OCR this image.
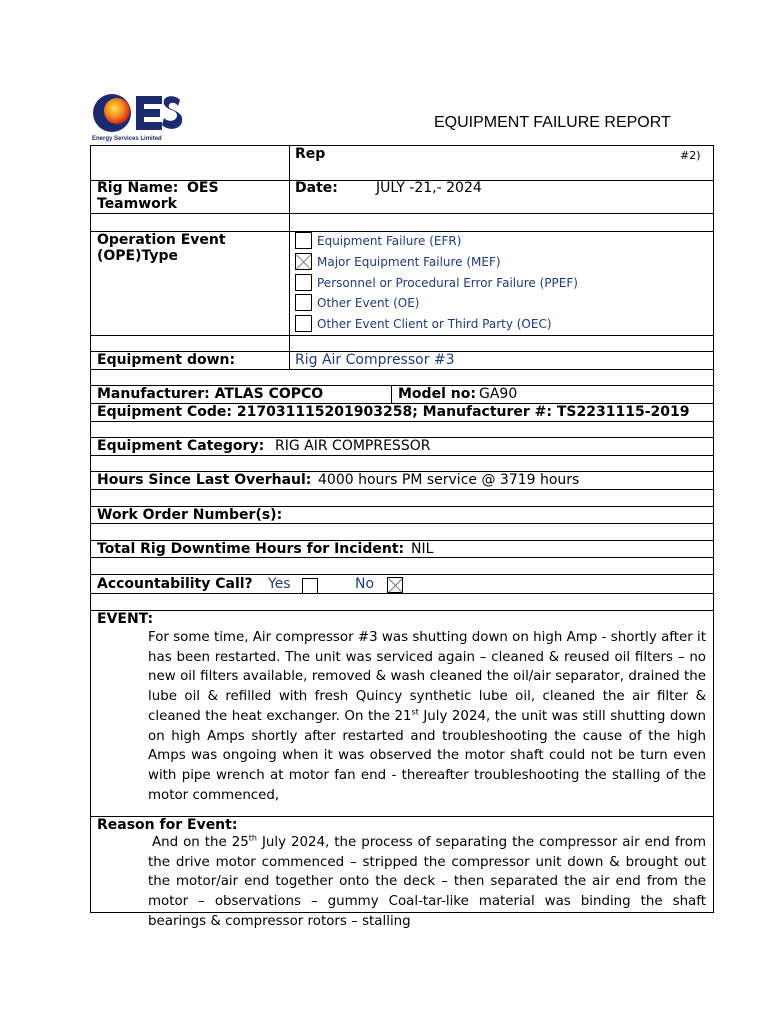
Energy Services Limited
EQUIPMENT FAILURE REPORT
Rep	#2)
Rig Name: OES
Teamwork
Date:	JULY -21,- 2024
Operation Event
(OPE)Type
Equipment Failure (EFR)
Major Equipment Failure (MEF)
Personnel or Procedural Error Failure (PPEF)
Other Event (OE)
Other Event Client or Third Party (OEC)
Equipment down:	Rig Air Compressor #3
Manufacturer: ATLAS COPCO	Model no: GA90
Equipment Code: 217031115201903258; Manufacturer #: TS2231115-2019
Equipment Category: RIG AIR COMPRESSOR
Hours Since Last Overhaul: 4000 hours PM service @ 3719 hours
Work Order Number(s):
Total Rig Downtime Hours for Incident: NIL
Accountability Call? Yes	No
EVENT:
For some time, Air compressor #3 was shutting down on high Amp - shortly after it has been restarted. The unit was serviced again – cleaned & reused oil filters – no new oil filters available, removed & wash cleaned the oil/air separator, drained the lube oil & refilled with fresh Quincy synthetic lube oil, cleaned the air filter & cleaned the heat exchanger. On the 21st July 2024, the unit was still shutting down on high Amps shortly after restarted and troubleshooting the cause of the high Amps was ongoing when it was observed the motor shaft could not be turn even with pipe wrench at motor fan end - thereafter troubleshooting the stalling of the motor commenced,
Reason for Event:
And on the 25th July 2024, the process of separating the compressor air end from the drive motor commenced – stripped the compressor unit down & brought out the motor/air end together onto the deck – then separated the air end from the motor – observations – gummy Coal-tar-like material was binding the shaft bearings & compressor rotors – stalling
